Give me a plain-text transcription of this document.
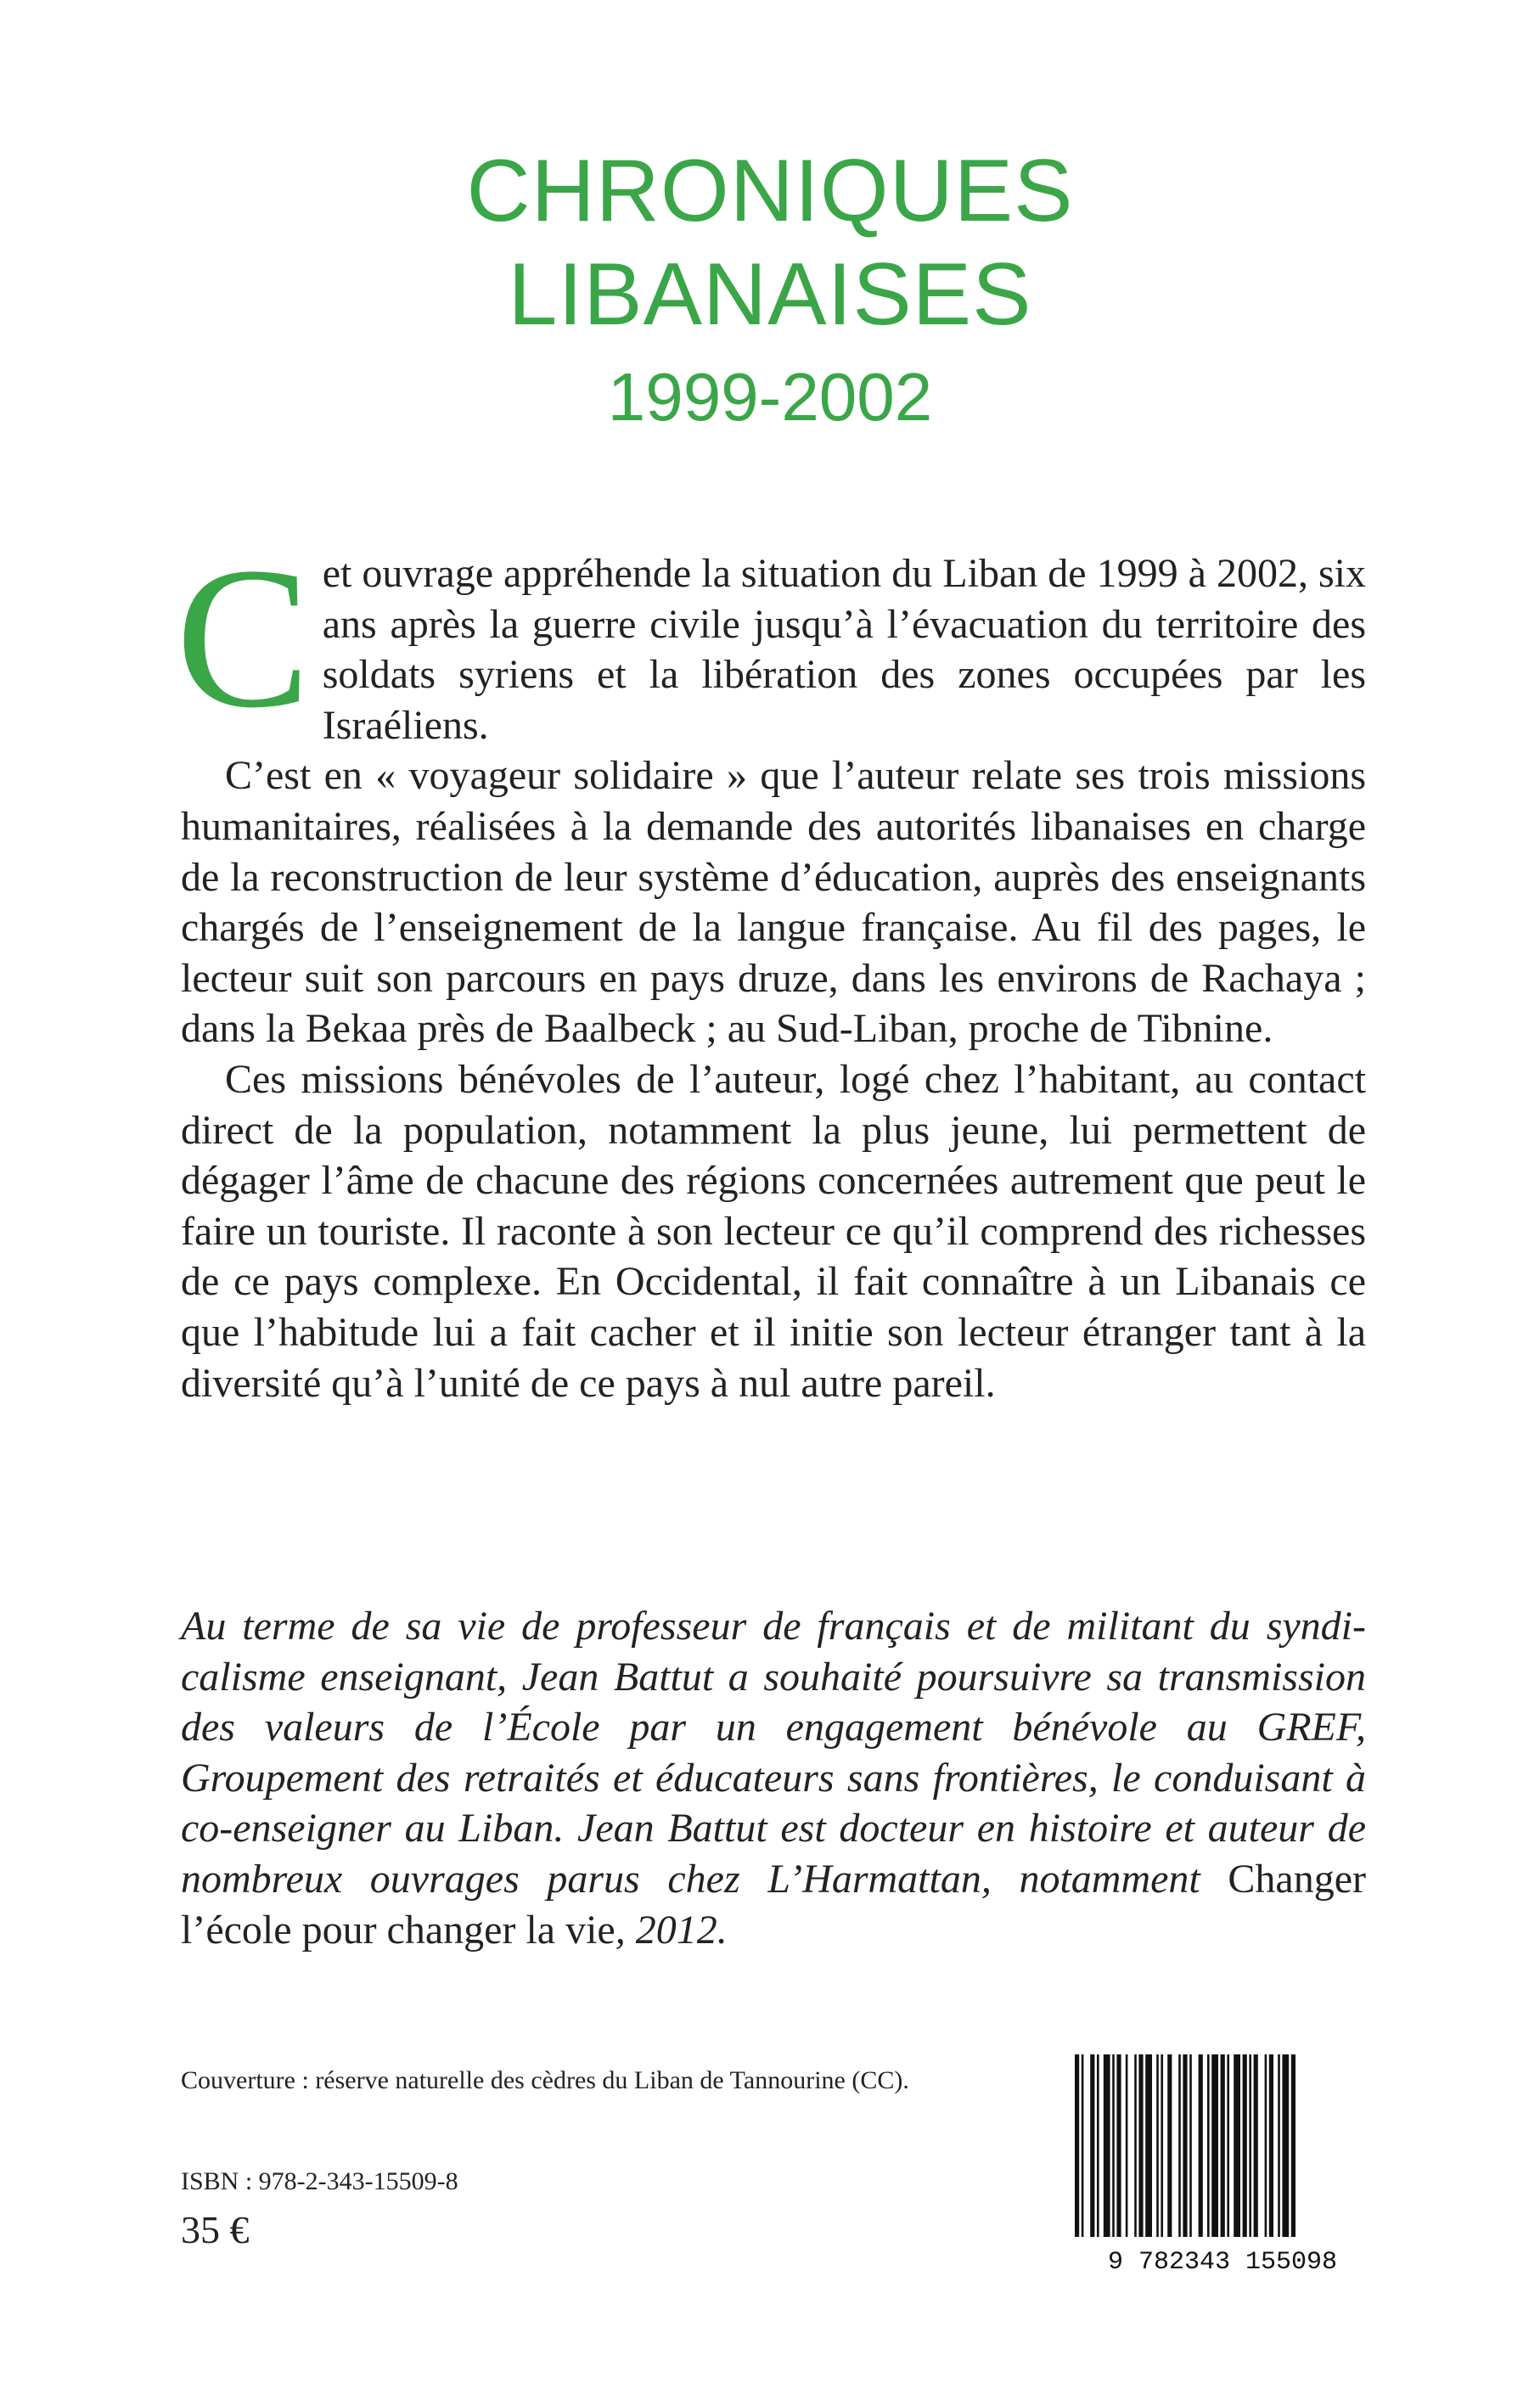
CHRONIQUES
LIBANAISES
1999-2002

Cet ouvrage appréhende la situation du Liban de 1999 à 2002, six ans après la guerre civile jusqu’à l’évacuation du territoire des soldats syriens et la libération des zones occupées par les Israéliens.

C’est en « voyageur solidaire » que l’auteur relate ses trois missions humanitaires, réalisées à la demande des autorités libanaises en charge de la reconstruction de leur système d’éducation, auprès des enseignants chargés de l’enseignement de la langue française. Au fil des pages, le lecteur suit son parcours en pays druze, dans les environs de Rachaya ; dans la Bekaa près de Baalbeck ; au Sud-Liban, proche de Tibnine.

Ces missions bénévoles de l’auteur, logé chez l’habitant, au contact direct de la population, notamment la plus jeune, lui permettent de dégager l’âme de chacune des régions concernées autrement que peut le faire un touriste. Il raconte à son lecteur ce qu’il comprend des richesses de ce pays complexe. En Occidental, il fait connaître à un Libanais ce que l’habitude lui a fait cacher et il initie son lecteur étranger tant à la diversité qu’à l’unité de ce pays à nul autre pareil.

Au terme de sa vie de professeur de français et de militant du syndicalisme enseignant, Jean Battut a souhaité poursuivre sa transmission des valeurs de l’École par un engagement bénévole au GREF, Groupement des retraités et éducateurs sans frontières, le conduisant à co-enseigner au Liban. Jean Battut est docteur en histoire et auteur de nombreux ouvrages parus chez L’Harmattan, notamment Changer l’école pour changer la vie, 2012.

Couverture : réserve naturelle des cèdres du Liban de Tannourine (CC).
ISBN : 978-2-343-15509-8
35 €
9 782343 155098
